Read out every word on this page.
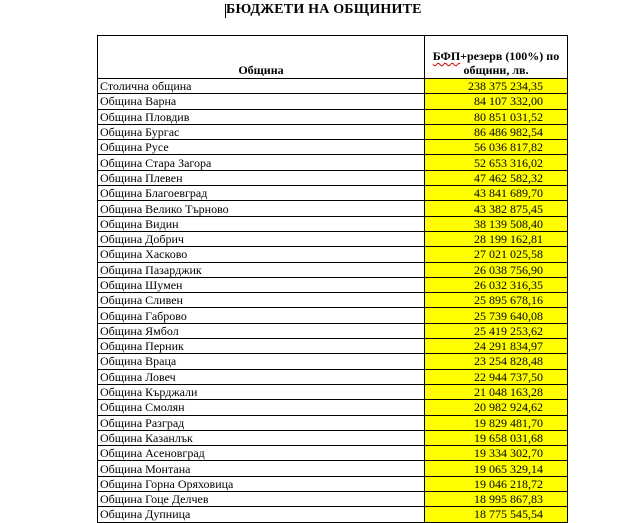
БЮДЖЕТИ НА ОБЩИНИТЕ
Община	БФП+резерв (100%) по общини, лв.
Столична община	238 375 234,35
Община Варна	84 107 332,00
Община Пловдив	80 851 031,52
Община Бургас	86 486 982,54
Община Русе	56 036 817,82
Община Стара Загора	52 653 316,02
Община Плевен	47 462 582,32
Община Благоевград	43 841 689,70
Община Велико Търново	43 382 875,45
Община Видин	38 139 508,40
Община Добрич	28 199 162,81
Община Хасково	27 021 025,58
Община Пазарджик	26 038 756,90
Община Шумен	26 032 316,35
Община Сливен	25 895 678,16
Община Габрово	25 739 640,08
Община Ямбол	25 419 253,62
Община Перник	24 291 834,97
Община Враца	23 254 828,48
Община Ловеч	22 944 737,50
Община Кърджали	21 048 163,28
Община Смолян	20 982 924,62
Община Разград	19 829 481,70
Община Казанлък	19 658 031,68
Община Асеновград	19 334 302,70
Община Монтана	19 065 329,14
Община Горна Оряховица	19 046 218,72
Община Гоце Делчев	18 995 867,83
Община Дупница	18 775 545,54
